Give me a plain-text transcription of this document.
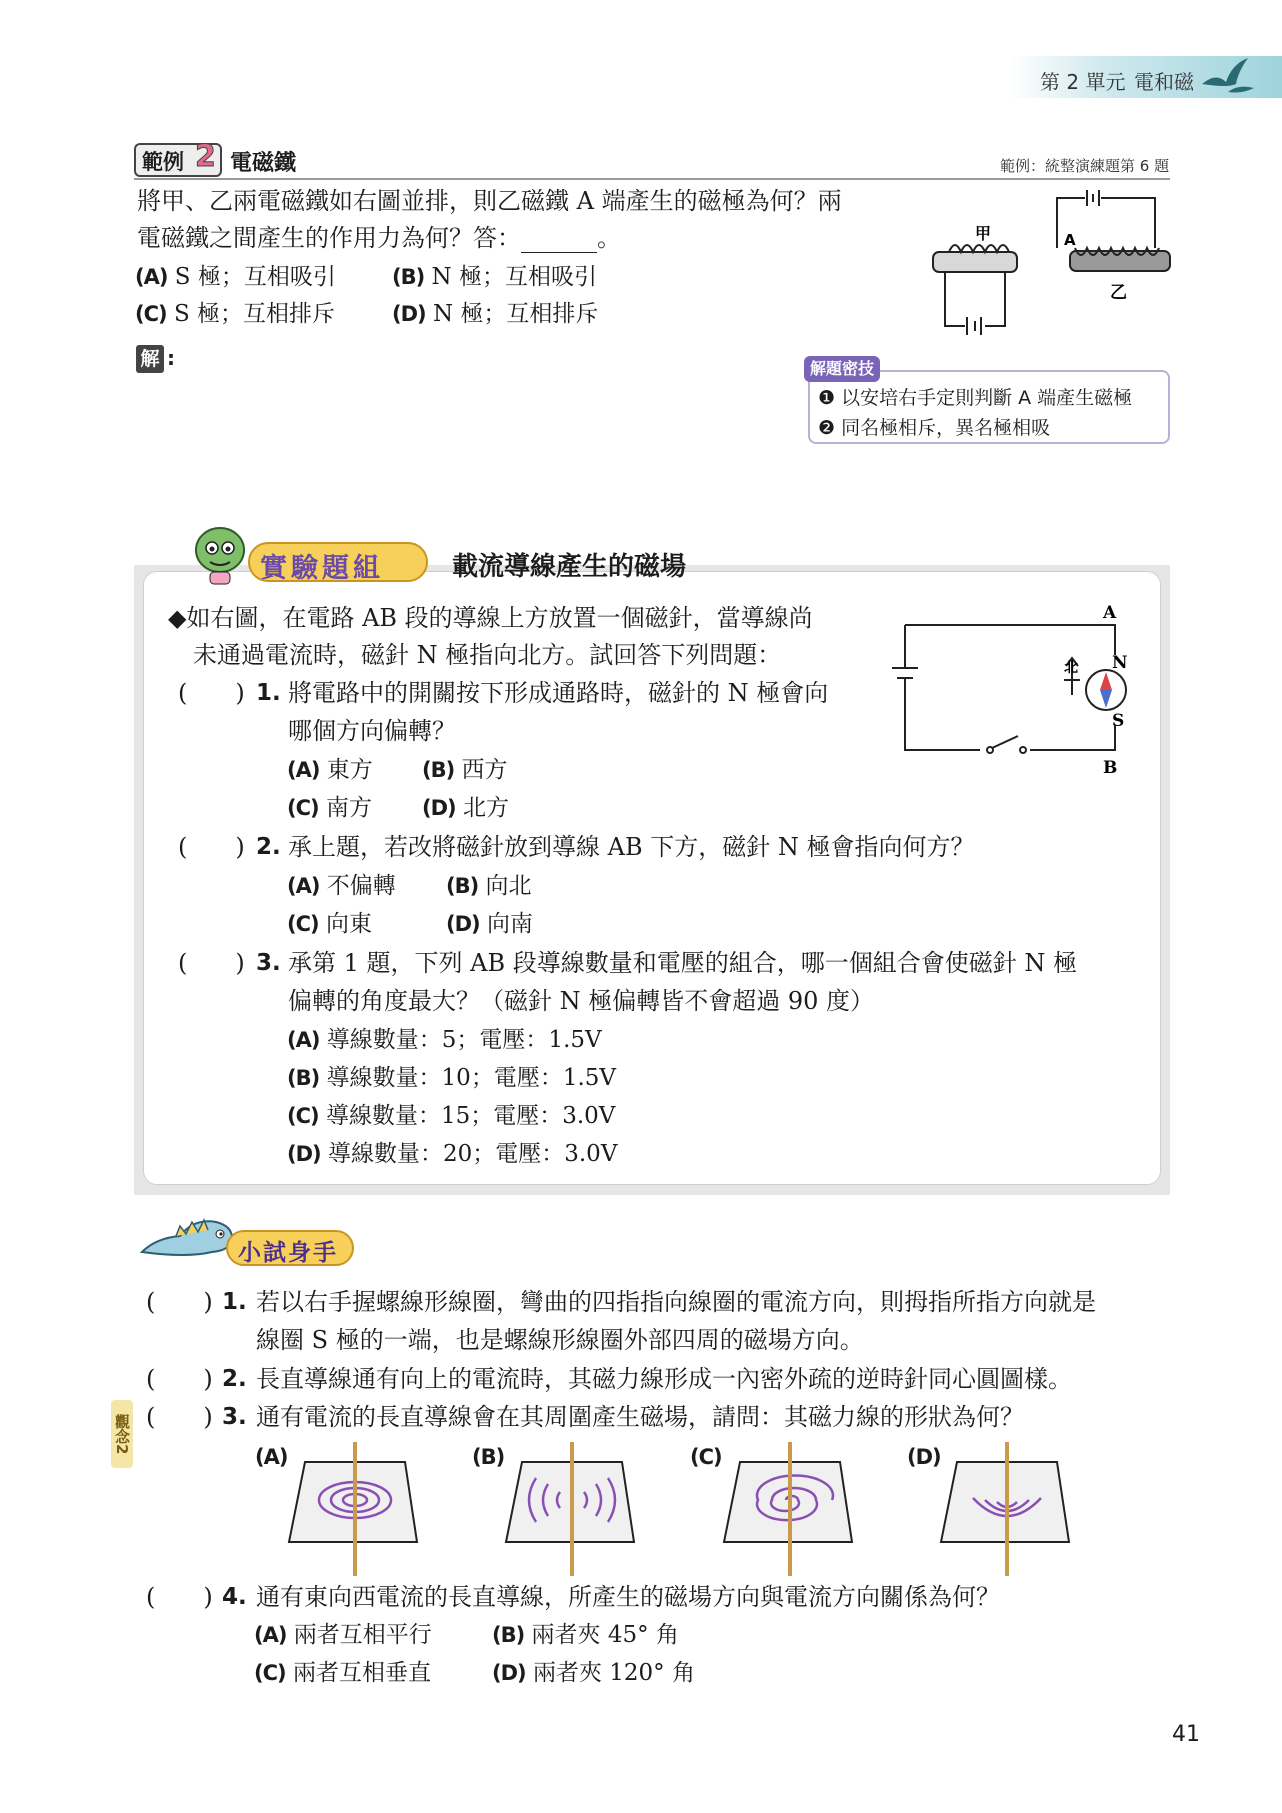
第 2 單元 電和磁
範例 2 電磁鐵	範例：統整演練題第 6 題
將甲、乙兩電磁鐵如右圖並排，則乙磁鐵 A 端產生的磁極為何？兩
電磁鐵之間產生的作用力為何？答：	。
(A) S 極；互相吸引	(B) N 極；互相吸引
(C) S 極；互相排斥	(D) N 極；互相排斥
解 :
甲	A
乙
解題密技
❶ 以安培右手定則判斷 A 端產生磁極
❷ 同名極相斥，異名極相吸
實驗題組	載流導線產生的磁場
◆如右圖，在電路 AB 段的導線上方放置一個磁針，當導線尚
未通過電流時，磁針 N 極指向北方。試回答下列問題：
(　　) 1. 將電路中的開關按下形成通路時，磁針的 N 極會向
哪個方向偏轉？
(A) 東方 (B) 西方
(C) 南方 (D) 北方
(　　) 2. 承上題，若改將磁針放到導線 AB 下方，磁針 N 極會指向何方？
(A) 不偏轉 (B) 向北
(C) 向東	(D) 向南
(　　) 3. 承第 1 題，下列 AB 段導線數量和電壓的組合，哪一個組合會使磁針 N 極
偏轉的角度最大？（磁針 N 極偏轉皆不會超過 90 度）
(A) 導線數量：5；電壓：1.5V
(B) 導線數量：10；電壓：1.5V
(C) 導線數量：15；電壓：3.0V
(D) 導線數量：20；電壓：3.0V
A
B
N
S
北
小試身手
觀念2
(　　) 1. 若以右手握螺線形線圈，彎曲的四指指向線圈的電流方向，則拇指所指方向就是
線圈 S 極的一端，也是螺線形線圈外部四周的磁場方向。
(　　) 2. 長直導線通有向上的電流時，其磁力線形成一內密外疏的逆時針同心圓圖樣。
(　　) 3. 通有電流的長直導線會在其周圍產生磁場，請問：其磁力線的形狀為何？
(A)	(B)	(C)	(D)
(　　) 4. 通有東向西電流的長直導線，所產生的磁場方向與電流方向關係為何？
(A) 兩者互相平行	(B) 兩者夾 45° 角
(C) 兩者互相垂直	(D) 兩者夾 120° 角
41
